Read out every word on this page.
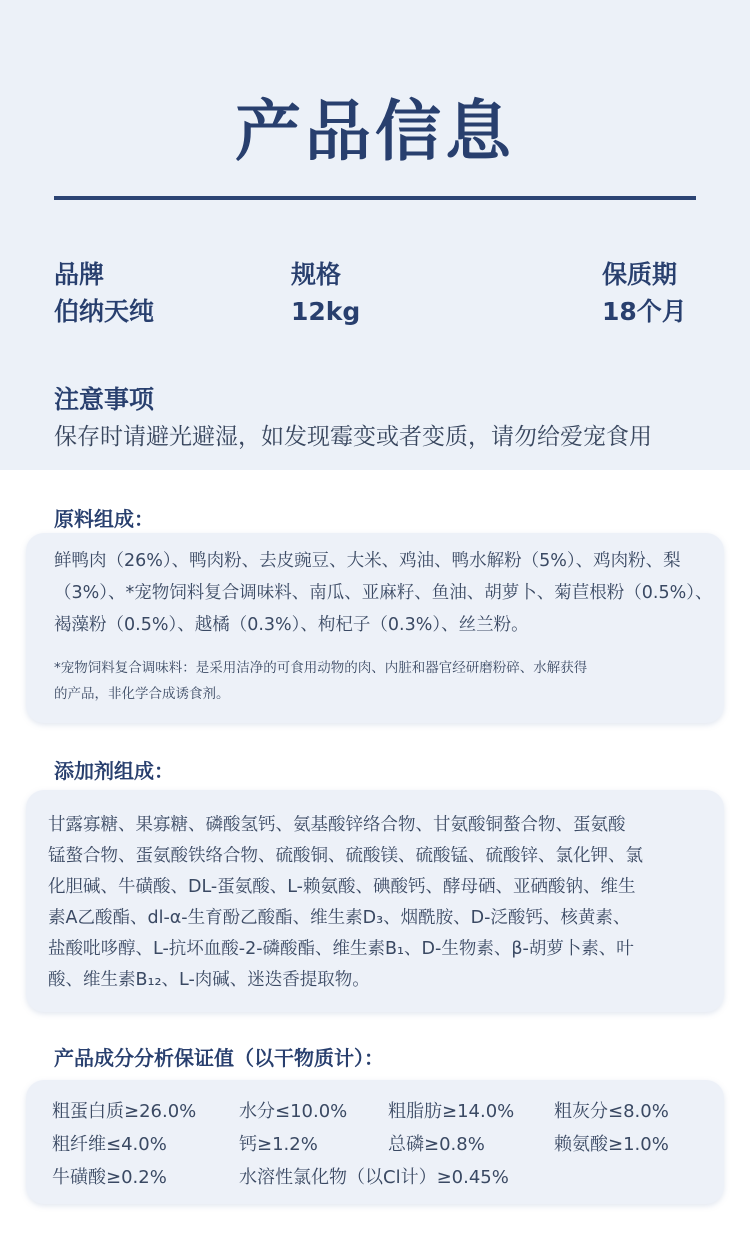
产品信息
品牌
伯纳天纯
规格
12kg
保质期
18个月
注意事项
保存时请避光避湿，如发现霉变或者变质，请勿给爱宠食用
原料组成：

鲜鸭肉（26%）、鸭肉粉、去皮豌豆、大米、鸡油、鸭水解粉（5%）、鸡肉粉、梨

（3%）、*宠物饲料复合调味料、南瓜、亚麻籽、鱼油、胡萝卜、菊苣根粉（0.5%）、

褐藻粉（0.5%）、越橘（0.3%）、枸杞子（0.3%）、丝兰粉。

*宠物饲料复合调味料：是采用洁净的可食用动物的肉、内脏和器官经研磨粉碎、水解获得

的产品，非化学合成诱食剂。

添加剂组成：

甘露寡糖、果寡糖、磷酸氢钙、氨基酸锌络合物、甘氨酸铜螯合物、蛋氨酸

锰螯合物、蛋氨酸铁络合物、硫酸铜、硫酸镁、硫酸锰、硫酸锌、氯化钾、氯

化胆碱、牛磺酸、DL-蛋氨酸、L-赖氨酸、碘酸钙、酵母硒、亚硒酸钠、维生

素A乙酸酯、dl-α-生育酚乙酸酯、维生素D₃、烟酰胺、D-泛酸钙、核黄素、

盐酸吡哆醇、L-抗坏血酸-2-磷酸酯、维生素B₁、D-生物素、β-胡萝卜素、叶

酸、维生素B₁₂、L-肉碱、迷迭香提取物。

产品成分分析保证值（以干物质计）：
粗蛋白质≥26.0% 水分≤10.0% 粗脂肪≥14.0% 粗灰分≤8.0%
粗纤维≤4.0%	钙≥1.2%	总磷≥0.8%	赖氨酸≥1.0%
牛磺酸≥0.2%	水溶性氯化物（以Cl计）≥0.45%
